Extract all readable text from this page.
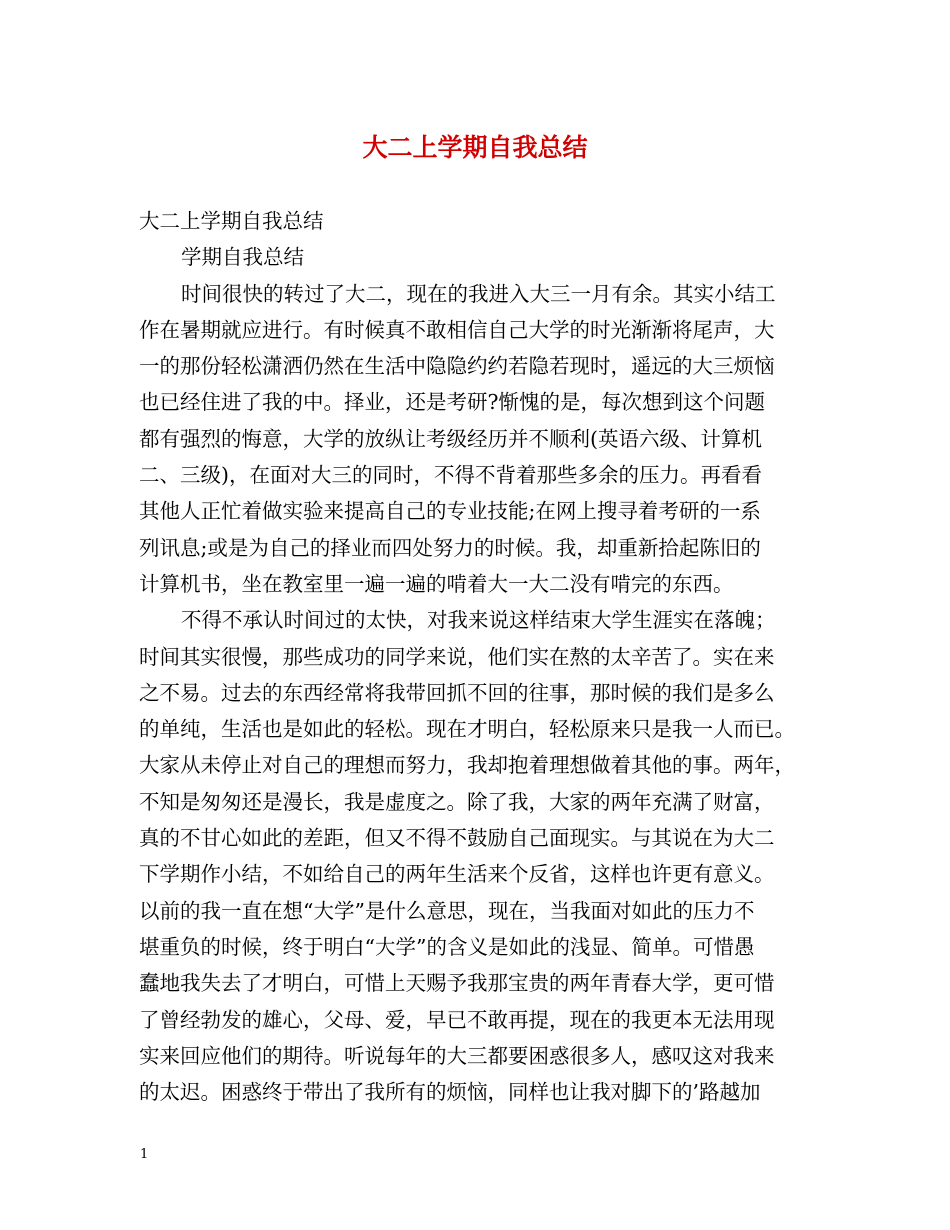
大二上学期自我总结
大二上学期自我总结
学期自我总结
时间很快的转过了大二，现在的我进入大三一月有余。其实小结工
作在暑期就应进行。有时候真不敢相信自己大学的时光渐渐将尾声，大
一的那份轻松潇洒仍然在生活中隐隐约约若隐若现时，遥远的大三烦恼
也已经住进了我的中。择业，还是考研?惭愧的是，每次想到这个问题
都有强烈的悔意，大学的放纵让考级经历并不顺利(英语六级、计算机
二、三级)，在面对大三的同时，不得不背着那些多余的压力。再看看
其他人正忙着做实验来提高自己的专业技能;在网上搜寻着考研的一系
列讯息;或是为自己的择业而四处努力的时候。我，却重新拾起陈旧的
计算机书，坐在教室里一遍一遍的啃着大一大二没有啃完的东西。
不得不承认时间过的太快，对我来说这样结束大学生涯实在落魄；
时间其实很慢，那些成功的同学来说，他们实在熬的太辛苦了。实在来
之不易。过去的东西经常将我带回抓不回的往事，那时候的我们是多么
的单纯，生活也是如此的轻松。现在才明白，轻松原来只是我一人而已。
大家从未停止对自己的理想而努力，我却抱着理想做着其他的事。两年，
不知是匆匆还是漫长，我是虚度之。除了我，大家的两年充满了财富，
真的不甘心如此的差距，但又不得不鼓励自己面现实。与其说在为大二
下学期作小结，不如给自己的两年生活来个反省，这样也许更有意义。
以前的我一直在想“大学”是什么意思，现在，当我面对如此的压力不
堪重负的时候，终于明白“大学”的含义是如此的浅显、简单。可惜愚
蠢地我失去了才明白，可惜上天赐予我那宝贵的两年青春大学，更可惜
了曾经勃发的雄心，父母、爱，早已不敢再提，现在的我更本无法用现
实来回应他们的期待。听说每年的大三都要困惑很多人，感叹这对我来
的太迟。困惑终于带出了我所有的烦恼，同样也让我对脚下的’路越加
1
